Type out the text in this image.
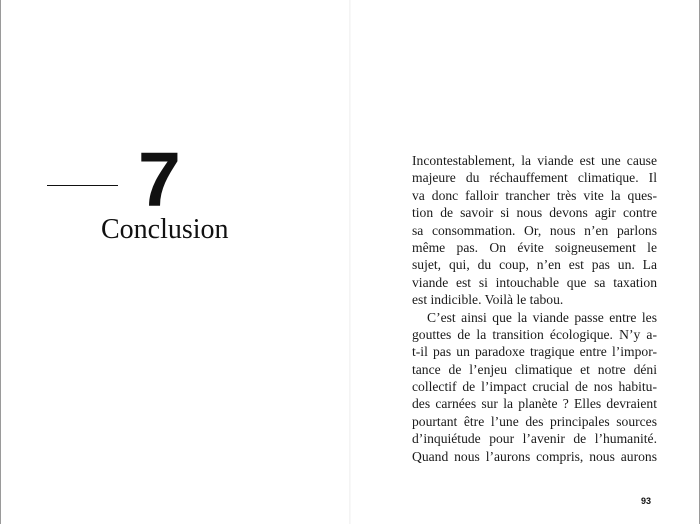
7
Conclusion
Incontestablement, la viande est une cause
majeure du réchauffement climatique. Il
va donc falloir trancher très vite la ques-
tion de savoir si nous devons agir contre
sa consommation. Or, nous n’en parlons
même pas. On évite soigneusement le
sujet, qui, du coup, n’en est pas un. La
viande est si intouchable que sa taxation
est indicible. Voilà le tabou.
C’est ainsi que la viande passe entre les
gouttes de la transition écologique. N’y a-
t-il pas un paradoxe tragique entre l’impor-
tance de l’enjeu climatique et notre déni
collectif de l’impact crucial de nos habitu-
des carnées sur la planète ? Elles devraient
pourtant être l’une des principales sources
d’inquiétude pour l’avenir de l’humanité.
Quand nous l’aurons compris, nous aurons
93
